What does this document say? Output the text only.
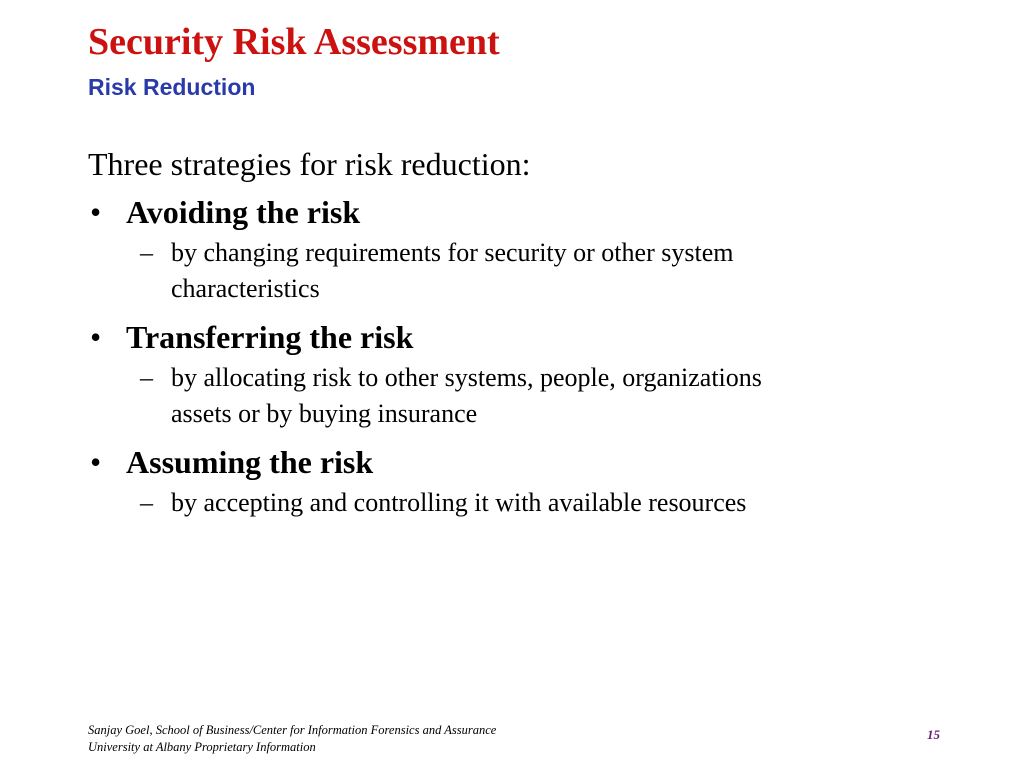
Security Risk Assessment
Risk Reduction
Three strategies for risk reduction:
• Avoiding the risk
– by changing requirements for security or other system characteristics
• Transferring the risk
– by allocating risk to other systems, people, organizations assets or by buying insurance
• Assuming the risk
– by accepting and controlling it with available resources
Sanjay Goel, School of Business/Center for Information Forensics and Assurance
University at Albany Proprietary Information
15
